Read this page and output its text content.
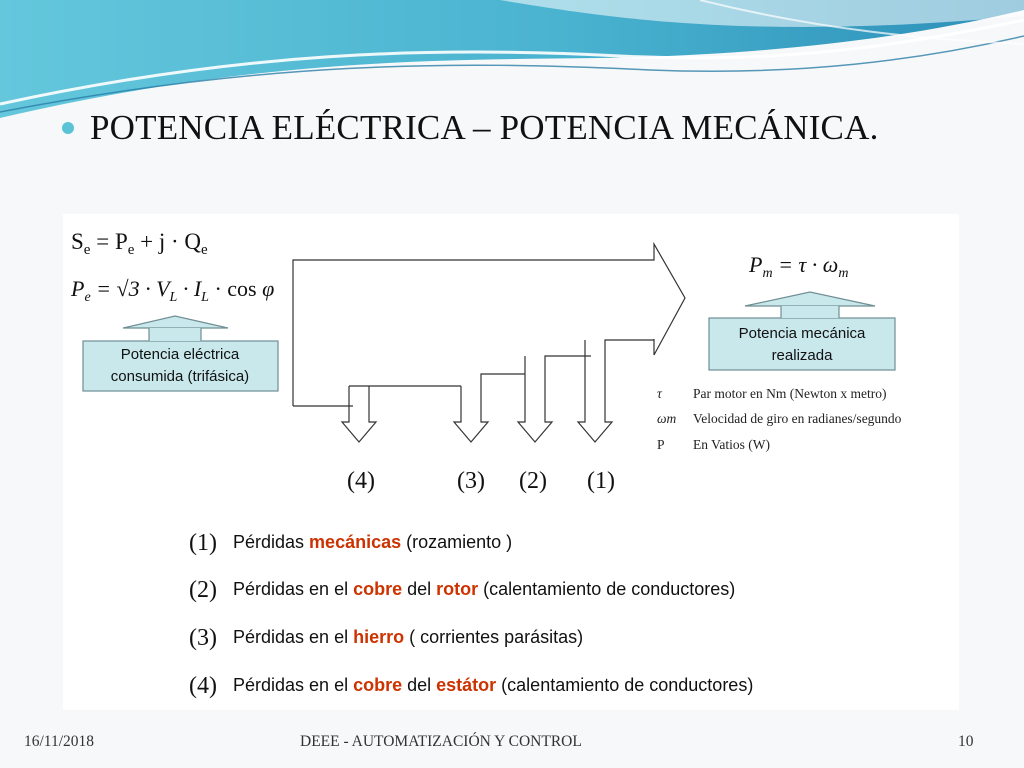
POTENCIA ELÉCTRICA – POTENCIA MECÁNICA.
$S_e = P_e + j \cdot Q_e$
$P_e = √3 \cdot V_L \cdot I_L \cdot \cos \varphi$
$P_m = \tau \cdot \omega_m$
Potencia eléctrica
consumida (trifásica)
Potencia mecánica
realizada
(4)	(3) (2) (1)
τ Par motor en Nm (Newton x metro)
ωm Velocidad de giro en radianes/segundo
P En Vatios (W)
(1) Pérdidas mecánicas (rozamiento )
(2) Pérdidas en el cobre del rotor (calentamiento de conductores)
(3) Pérdidas en el hierro ( corrientes parásitas)
(4) Pérdidas en el cobre del estátor (calentamiento de conductores)
16/11/2018	DEEE - AUTOMATIZACIÓN Y CONTROL	10
